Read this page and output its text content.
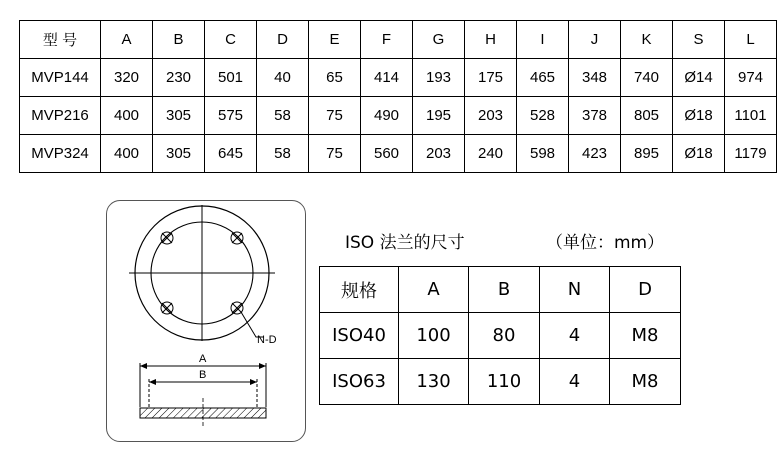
型 号	A	B	C	D	E	F	G	H	I	J	K	S	L
MVP144	320	230	501	40	65	414	193	175	465	348	740	Ø14	974
MVP216	400	305	575	58	75	490	195	203	528	378	805	Ø18	1101
MVP324	400	305	645	58	75	560	203	240	598	423	895	Ø18	1179
N-D
A
B
ISO 法兰的尺寸	（单位：mm）
规格	A	B	N	D
ISO40	100	80	4	M8
ISO63	130	110	4	M8
